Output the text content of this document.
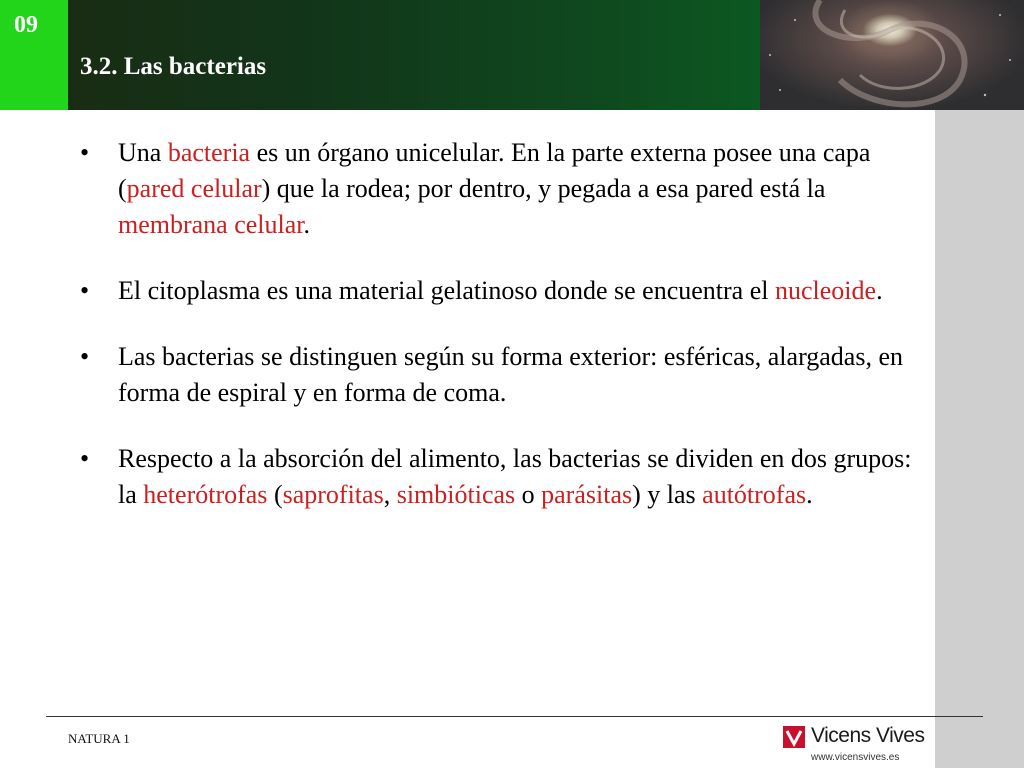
09
3.2. Las bacterias
• Una bacteria es un órgano unicelular. En la parte externa posee una capa (pared celular) que la rodea; por dentro, y pegada a esa pared está la membrana celular.
• El citoplasma es una material gelatinoso donde se encuentra el nucleoide.
• Las bacterias se distinguen según su forma exterior: esféricas, alargadas, en forma de espiral y en forma de coma.
• Respecto a la absorción del alimento, las bacterias se dividen en dos grupos: la heterótrofas (saprofitas, simbióticas o parásitas) y las autótrofas.
NATURA 1	Vicens Vives
www.vicensvives.es
